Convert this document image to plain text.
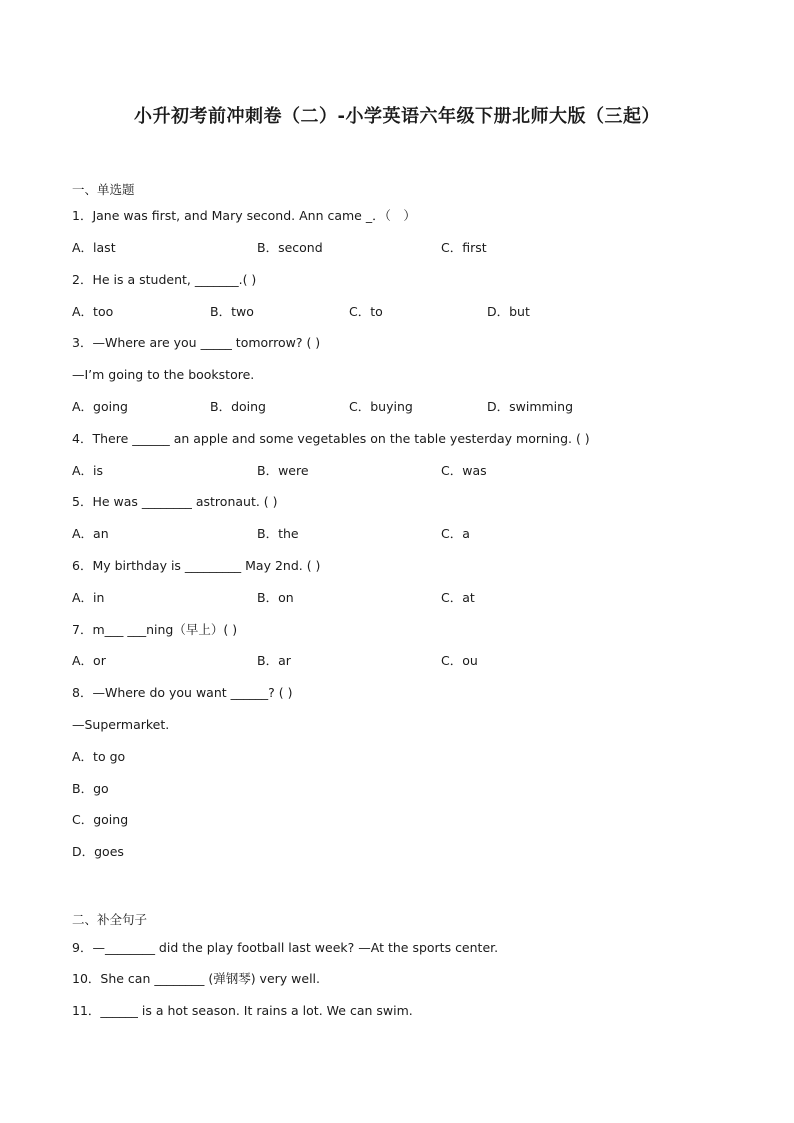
小升初考前冲刺卷（二）-小学英语六年级下册北师大版（三起）
一、单选题
1．Jane was first, and Mary second. Ann came _．（　）
A．last	B．second	C．first
2．He is a student, _______.( )
A．too	B．two	C．to	D．but
3．—Where are you _____ tomorrow? ( )
—I’m going to the bookstore.
A．going	B．doing	C．buying	D．swimming
4．There ______ an apple and some vegetables on the table yesterday morning. ( )
A．is	B．were	C．was
5．He was ________ astronaut. ( )
A．an	B．the	C．a
6．My birthday is _________ May 2nd. ( )
A．in	B．on	C．at
7．m___ ___ning（早上）( )
A．or	B．ar	C．ou
8．—Where do you want ______? ( )
—Supermarket.
A．to go
B．go
C．going
D．goes
二、补全句子
9．—________ did the play football last week? —At the sports center.
10．She can ________ (弹钢琴) very well.
11．______ is a hot season. It rains a lot. We can swim.
